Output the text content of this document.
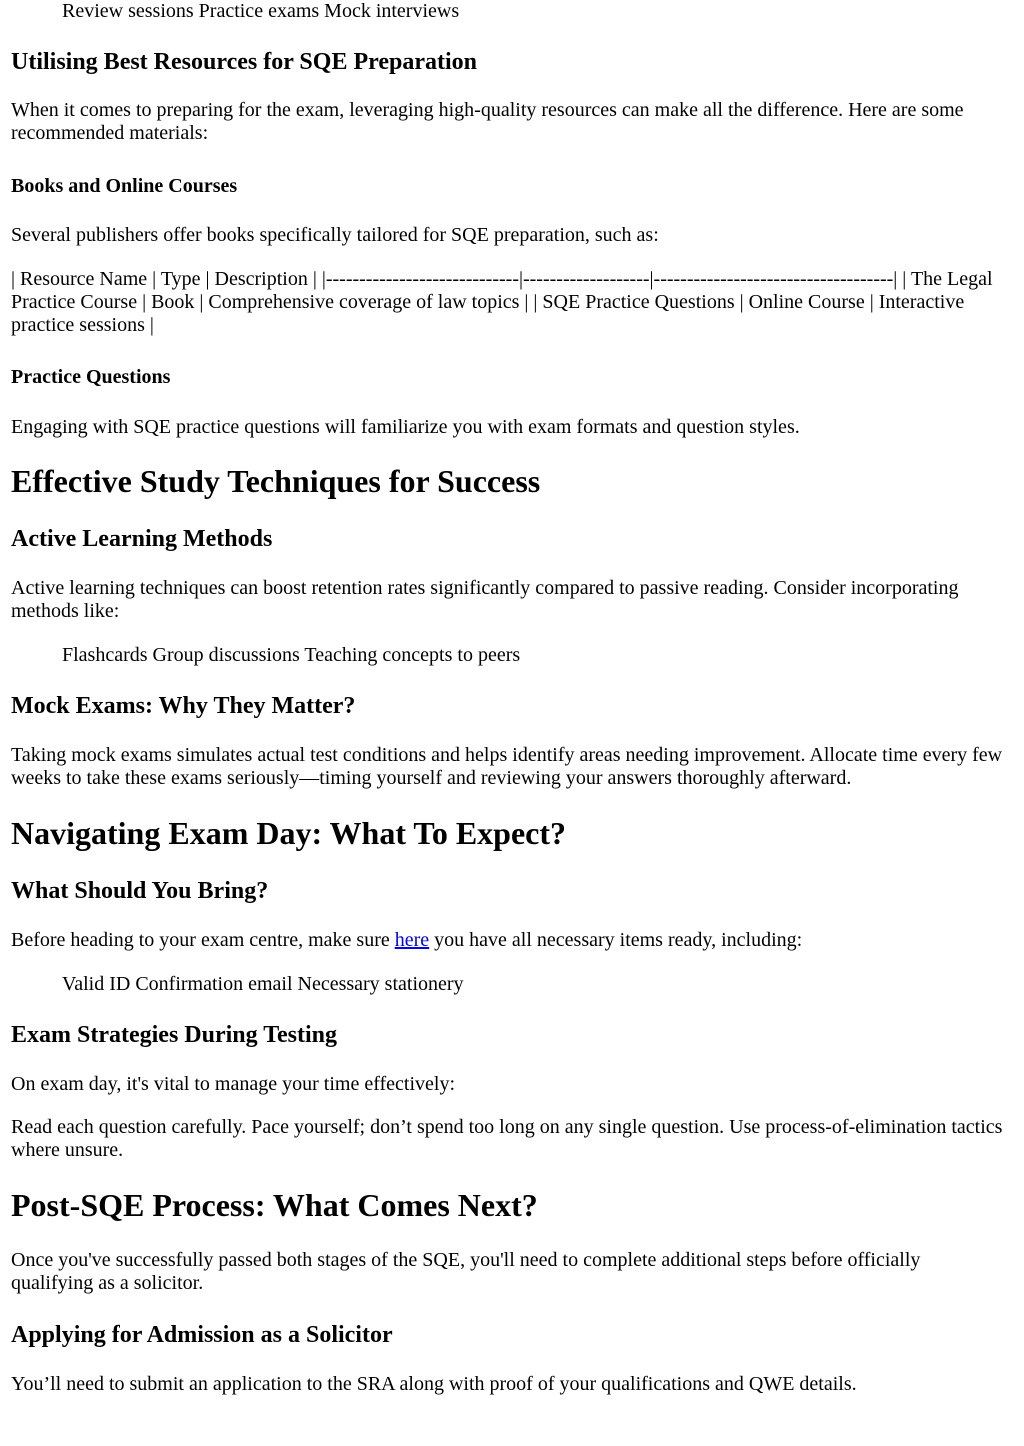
Review sessions Practice exams Mock interviews
Utilising Best Resources for SQE Preparation

When it comes to preparing for the exam, leveraging high-quality resources can make all the difference. Here are some recommended materials:

Books and Online Courses

Several publishers offer books specifically tailored for SQE preparation, such as:

| Resource Name | Type | Description | |-----------------------------|-------------------|------------------------------------| | The Legal Practice Course | Book | Comprehensive coverage of law topics | | SQE Practice Questions | Online Course | Interactive practice sessions |

Practice Questions

Engaging with SQE practice questions will familiarize you with exam formats and question styles.

Effective Study Techniques for Success
Active Learning Methods

Active learning techniques can boost retention rates significantly compared to passive reading. Consider incorporating methods like:

Flashcards Group discussions Teaching concepts to peers
Mock Exams: Why They Matter?

Taking mock exams simulates actual test conditions and helps identify areas needing improvement. Allocate time every few weeks to take these exams seriously—timing yourself and reviewing your answers thoroughly afterward.

Navigating Exam Day: What To Expect?
What Should You Bring?

Before heading to your exam centre, make sure here you have all necessary items ready, including:

Valid ID Confirmation email Necessary stationery
Exam Strategies During Testing

On exam day, it's vital to manage your time effectively:

Read each question carefully. Pace yourself; don’t spend too long on any single question. Use process-of-elimination tactics where unsure.

Post-SQE Process: What Comes Next?

Once you've successfully passed both stages of the SQE, you'll need to complete additional steps before officially qualifying as a solicitor.

Applying for Admission as a Solicitor

You’ll need to submit an application to the SRA along with proof of your qualifications and QWE details.
